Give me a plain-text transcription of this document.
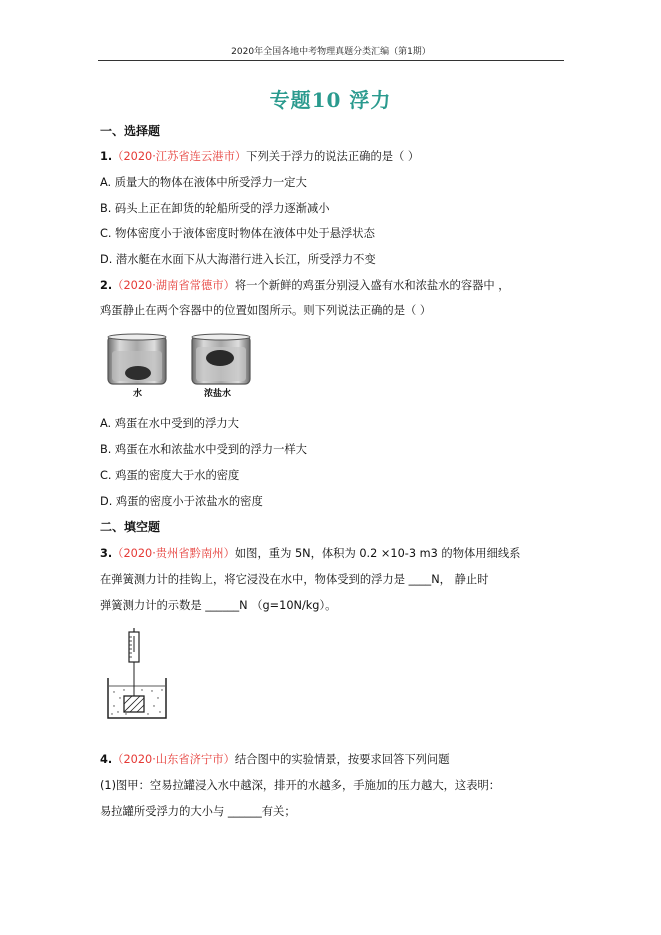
2020年全国各地中考物理真题分类汇编（第1期）
专题10 浮力
一、选择题
1.（2020·江苏省连云港市）下列关于浮力的说法正确的是（ ）
A. 质量大的物体在液体中所受浮力一定大
B. 码头上正在卸货的轮船所受的浮力逐渐减小
C. 物体密度小于液体密度时物体在液体中处于悬浮状态
D. 潜水艇在水面下从大海潜行进入长江，所受浮力不变
2.（2020·湖南省常德市）将一个新鲜的鸡蛋分别浸入盛有水和浓盐水的容器中 ，
鸡蛋静止在两个容器中的位置如图所示。则下列说法正确的是（ ）
水	浓盐水
A. 鸡蛋在水中受到的浮力大
B. 鸡蛋在水和浓盐水中受到的浮力一样大
C. 鸡蛋的密度大于水的密度
D. 鸡蛋的密度小于浓盐水的密度
二、填空题
3.（2020·贵州省黔南州）如图，重为 5N，体积为 0.2 ×10-3 m3 的物体用细线系
在弹簧测力计的挂钩上，将它浸没在水中，物体受到的浮力是 ____N， 静止时
弹簧测力计的示数是 ______N （g=10N/kg）。
4.（2020·山东省济宁市）结合图中的实验情景，按要求回答下列问题
(1)图甲：空易拉罐浸入水中越深，排开的水越多，手施加的压力越大，这表明：
易拉罐所受浮力的大小与 ______有关；
